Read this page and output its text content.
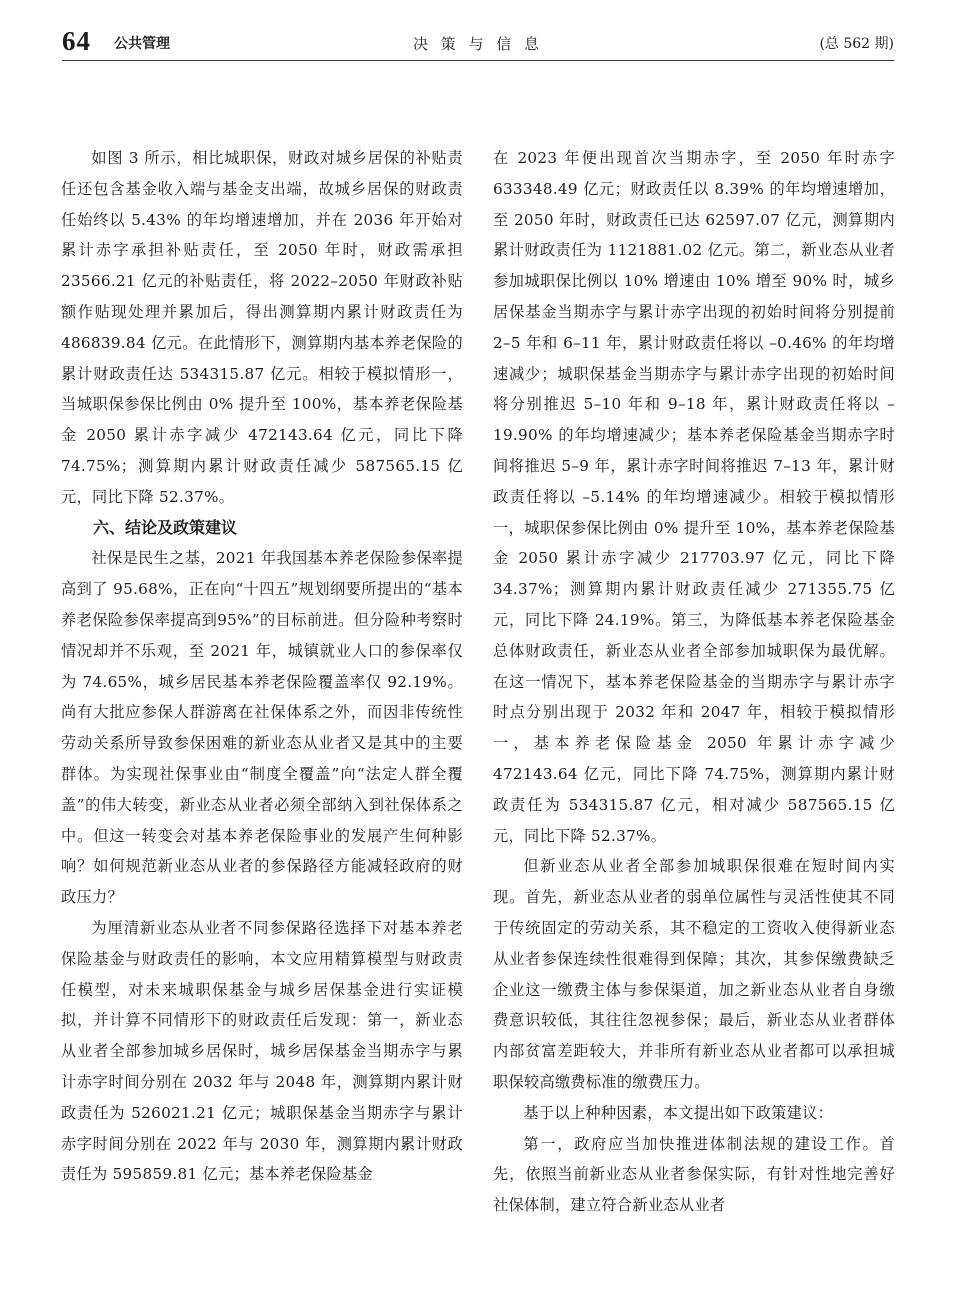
64 公共管理	决 策 与 信 息	(总 562 期)

如图 3 所示，相比城职保，财政对城乡居保的补贴责任还包含基金收入端与基金支出端，故城乡居保的财政责任始终以 5.43% 的年均增速增加，并在 2036 年开始对累计赤字承担补贴责任，至 2050 年时，财政需承担 23566.21 亿元的补贴责任，将 2022–2050 年财政补贴额作贴现处理并累加后，得出测算期内累计财政责任为 486839.84 亿元。在此情形下，测算期内基本养老保险的累计财政责任达 534315.87 亿元。相较于模拟情形一，当城职保参保比例由 0% 提升至 100%，基本养老保险基金 2050 累计赤字减少 472143.64 亿元，同比下降 74.75%；测算期内累计财政责任减少 587565.15 亿元，同比下降 52.37%。

六、结论及政策建议

社保是民生之基，2021 年我国基本养老保险参保率提高到了 95.68%，正在向“十四五”规划纲要所提出的“基本养老保险参保率提高到95%”的目标前进。但分险种考察时情况却并不乐观，至 2021 年，城镇就业人口的参保率仅为 74.65%，城乡居民基本养老保险覆盖率仅 92.19%。尚有大批应参保人群游离在社保体系之外，而因非传统性劳动关系所导致参保困难的新业态从业者又是其中的主要群体。为实现社保事业由“制度全覆盖”向“法定人群全覆盖”的伟大转变，新业态从业者必须全部纳入到社保体系之中。但这一转变会对基本养老保险事业的发展产生何种影响？如何规范新业态从业者的参保路径方能减轻政府的财政压力？

为厘清新业态从业者不同参保路径选择下对基本养老保险基金与财政责任的影响，本文应用精算模型与财政责任模型，对未来城职保基金与城乡居保基金进行实证模拟，并计算不同情形下的财政责任后发现：第一，新业态从业者全部参加城乡居保时，城乡居保基金当期赤字与累计赤字时间分别在 2032 年与 2048 年，测算期内累计财政责任为 526021.21 亿元；城职保基金当期赤字与累计赤字时间分别在 2022 年与 2030 年，测算期内累计财政责任为 595859.81 亿元；基本养老保险基金

在 2023 年便出现首次当期赤字，至 2050 年时赤字 633348.49 亿元；财政责任以 8.39% 的年均增速增加，至 2050 年时，财政责任已达 62597.07 亿元，测算期内累计财政责任为 1121881.02 亿元。第二，新业态从业者参加城职保比例以 10% 增速由 10% 增至 90% 时，城乡居保基金当期赤字与累计赤字出现的初始时间将分别提前 2–5 年和 6–11 年，累计财政责任将以 –0.46% 的年均增速减少；城职保基金当期赤字与累计赤字出现的初始时间将分别推迟 5–10 年和 9–18 年，累计财政责任将以 –19.90% 的年均增速减少；基本养老保险基金当期赤字时间将推迟 5–9 年，累计赤字时间将推迟 7–13 年，累计财政责任将以 –5.14% 的年均增速减少。相较于模拟情形一，城职保参保比例由 0% 提升至 10%，基本养老保险基金 2050 累计赤字减少 217703.97 亿元，同比下降 34.37%；测算期内累计财政责任减少 271355.75 亿元，同比下降 24.19%。第三，为降低基本养老保险基金总体财政责任，新业态从业者全部参加城职保为最优解。在这一情况下，基本养老保险基金的当期赤字与累计赤字时点分别出现于 2032 年和 2047 年，相较于模拟情形一，基本养老保险基金 2050 年累计赤字减少 472143.64 亿元，同比下降 74.75%，测算期内累计财政责任为 534315.87 亿元，相对减少 587565.15 亿元，同比下降 52.37%。

但新业态从业者全部参加城职保很难在短时间内实现。首先，新业态从业者的弱单位属性与灵活性使其不同于传统固定的劳动关系，其不稳定的工资收入使得新业态从业者参保连续性很难得到保障；其次，其参保缴费缺乏企业这一缴费主体与参保渠道，加之新业态从业者自身缴费意识较低，其往往忽视参保；最后，新业态从业者群体内部贫富差距较大，并非所有新业态从业者都可以承担城职保较高缴费标准的缴费压力。

基于以上种种因素，本文提出如下政策建议：

第一，政府应当加快推进体制法规的建设工作。首先，依照当前新业态从业者参保实际，有针对性地完善好社保体制，建立符合新业态从业者
